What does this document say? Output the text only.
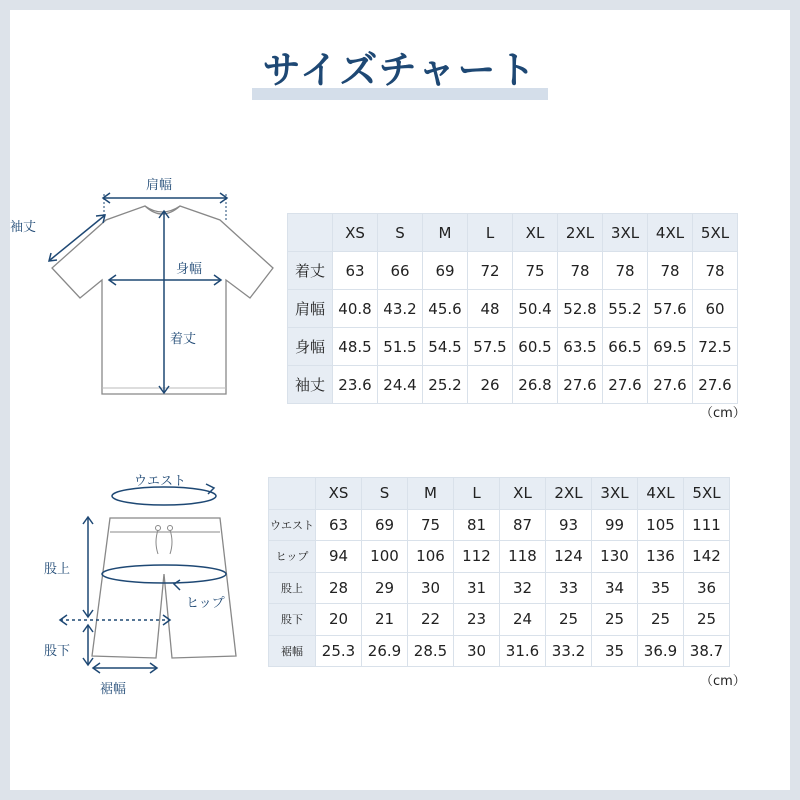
サイズチャート
肩幅
袖丈
身幅
着丈
	XS	S	M	L	XL	2XL	3XL	4XL	5XL
着丈	63	66	69	72	75	78	78	78	78
肩幅	40.8	43.2	45.6	48	50.4	52.8	55.2	57.6	60
身幅	48.5	51.5	54.5	57.5	60.5	63.5	66.5	69.5	72.5
袖丈	23.6	24.4	25.2	26	26.8	27.6	27.6	27.6	27.6
（cm）
ウエスト
股上
ヒップ
股下
裾幅
	XS	S	M	L	XL	2XL	3XL	4XL	5XL
ウエスト	63	69	75	81	87	93	99	105	111
ヒップ	94	100	106	112	118	124	130	136	142
股上	28	29	30	31	32	33	34	35	36
股下	20	21	22	23	24	25	25	25	25
裾幅	25.3	26.9	28.5	30	31.6	33.2	35	36.9	38.7
（cm）
